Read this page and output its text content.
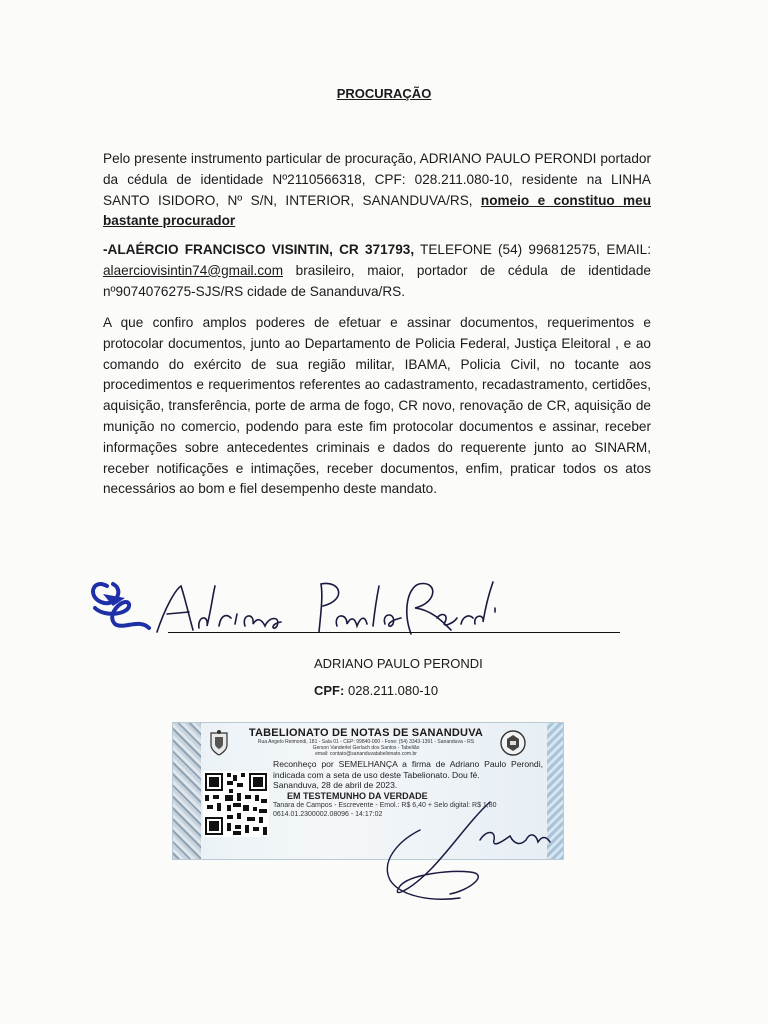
PROCURAÇÃO
Pelo presente instrumento particular de procuração, ADRIANO PAULO PERONDI portador da cédula de identidade Nº2110566318, CPF: 028.211.080-10, residente na LINHA SANTO ISIDORO, Nº S/N, INTERIOR, SANANDUVA/RS, nomeio e constituo meu bastante procurador
-ALAÉRCIO FRANCISCO VISINTIN, CR 371793, TELEFONE (54) 996812575, EMAIL: alaerciovisintin74@gmail.com brasileiro, maior, portador de cédula de identidade nº9074076275-SJS/RS cidade de Sananduva/RS.
A que confiro amplos poderes de efetuar e assinar documentos, requerimentos e protocolar documentos, junto ao Departamento de Policia Federal, Justiça Eleitoral , e ao comando do exército de sua região militar, IBAMA, Policia Civil, no tocante aos procedimentos e requerimentos referentes ao cadastramento, recadastramento, certidões, aquisição, transferência, porte de arma de fogo, CR novo, renovação de CR, aquisição de munição no comercio, podendo para este fim protocolar documentos e assinar, receber informações sobre antecedentes criminais e dados do requerente junto ao SINARM, receber notificações e intimações, receber documentos, enfim, praticar todos os atos necessários ao bom e fiel desempenho deste mandato.
ADRIANO PAULO PERONDI
CPF: 028.211.080-10
TABELIONATO DE NOTAS DE SANANDUVA
Rua Angelo Reimondi, 181 - Sala 01 - CEP: 99840-000 - Fone: (54) 3343-1391 - Sananduva - RS
Gerson Vanderlei Gerlach dos Santos - Tabelião
email: contato@sananduvatabelionato.com.br
Reconheço por SEMELHANÇA a firma de Adriano Paulo Perondi, indicada com a seta de uso deste Tabelionato. Dou fé.
Sananduva, 28 de abril de 2023.
EM TESTEMUNHO DA VERDADE
Tanara de Campos - Escrevente - Emol.: R$ 6,40 + Selo digital: R$ 1,80
0614.01.2300002.08096 - 14:17:02
